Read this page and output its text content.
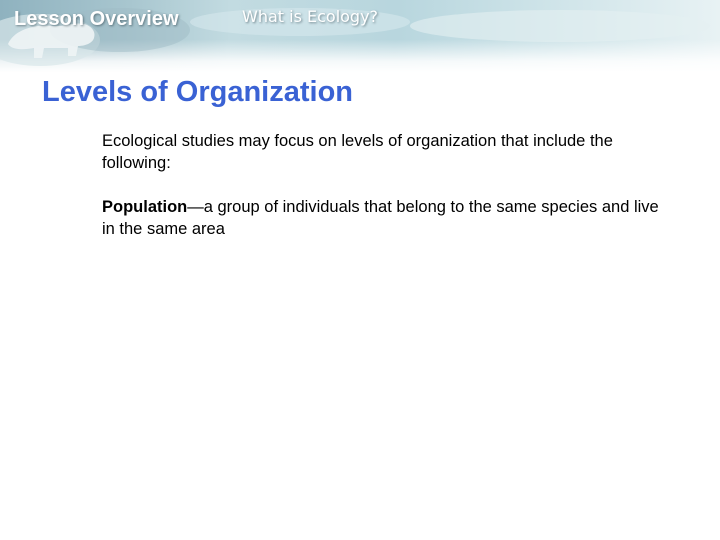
Lesson Overview	What is Ecology?
Levels of Organization

Ecological studies may focus on levels of organization that include the following:

Population—a group of individuals that belong to the same species and live in the same area
